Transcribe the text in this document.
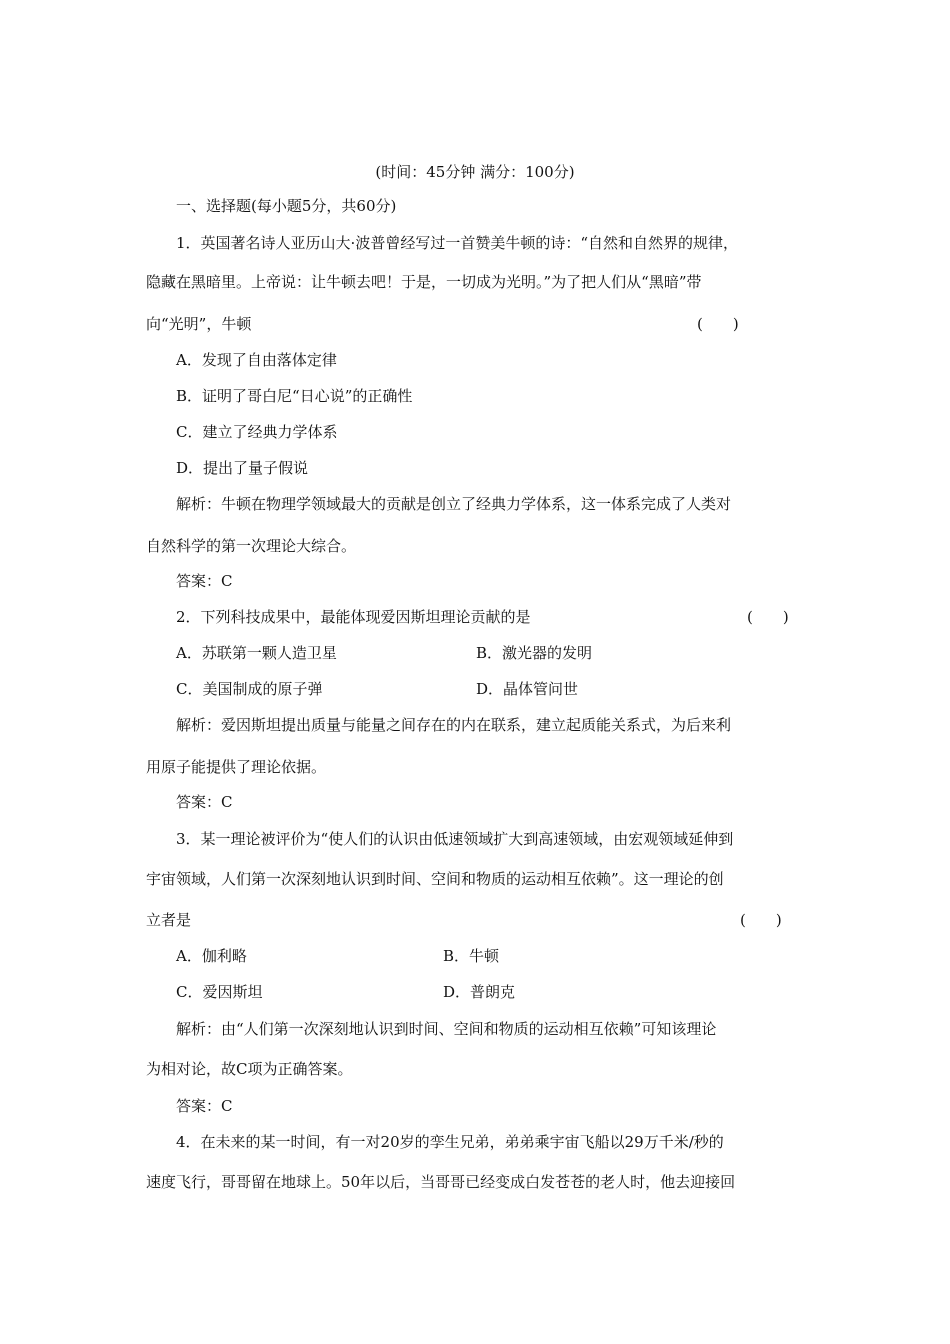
(时间：45分钟 满分：100分)
一、选择题(每小题5分，共60分)
1．英国著名诗人亚历山大·波普曾经写过一首赞美牛顿的诗：“自然和自然界的规律，
隐藏在黑暗里。上帝说：让牛顿去吧！于是，一切成为光明。”为了把人们从“黑暗”带
向“光明”，牛顿	(　　)
A．发现了自由落体定律
B．证明了哥白尼“日心说”的正确性
C．建立了经典力学体系
D．提出了量子假说
解析：牛顿在物理学领域最大的贡献是创立了经典力学体系，这一体系完成了人类对
自然科学的第一次理论大综合。
答案：C
2．下列科技成果中，最能体现爱因斯坦理论贡献的是	(　　)
A．苏联第一颗人造卫星	B．激光器的发明
C．美国制成的原子弹	D．晶体管问世
解析：爱因斯坦提出质量与能量之间存在的内在联系，建立起质能关系式，为后来利
用原子能提供了理论依据。
答案：C
3．某一理论被评价为“使人们的认识由低速领域扩大到高速领域，由宏观领域延伸到
宇宙领域，人们第一次深刻地认识到时间、空间和物质的运动相互依赖”。这一理论的创
立者是	(　　)
A．伽利略	B．牛顿
C．爱因斯坦	D．普朗克
解析：由“人们第一次深刻地认识到时间、空间和物质的运动相互依赖”可知该理论
为相对论，故C项为正确答案。
答案：C
4．在未来的某一时间，有一对20岁的孪生兄弟，弟弟乘宇宙飞船以29万千米/秒的
速度飞行，哥哥留在地球上。50年以后，当哥哥已经变成白发苍苍的老人时，他去迎接回
